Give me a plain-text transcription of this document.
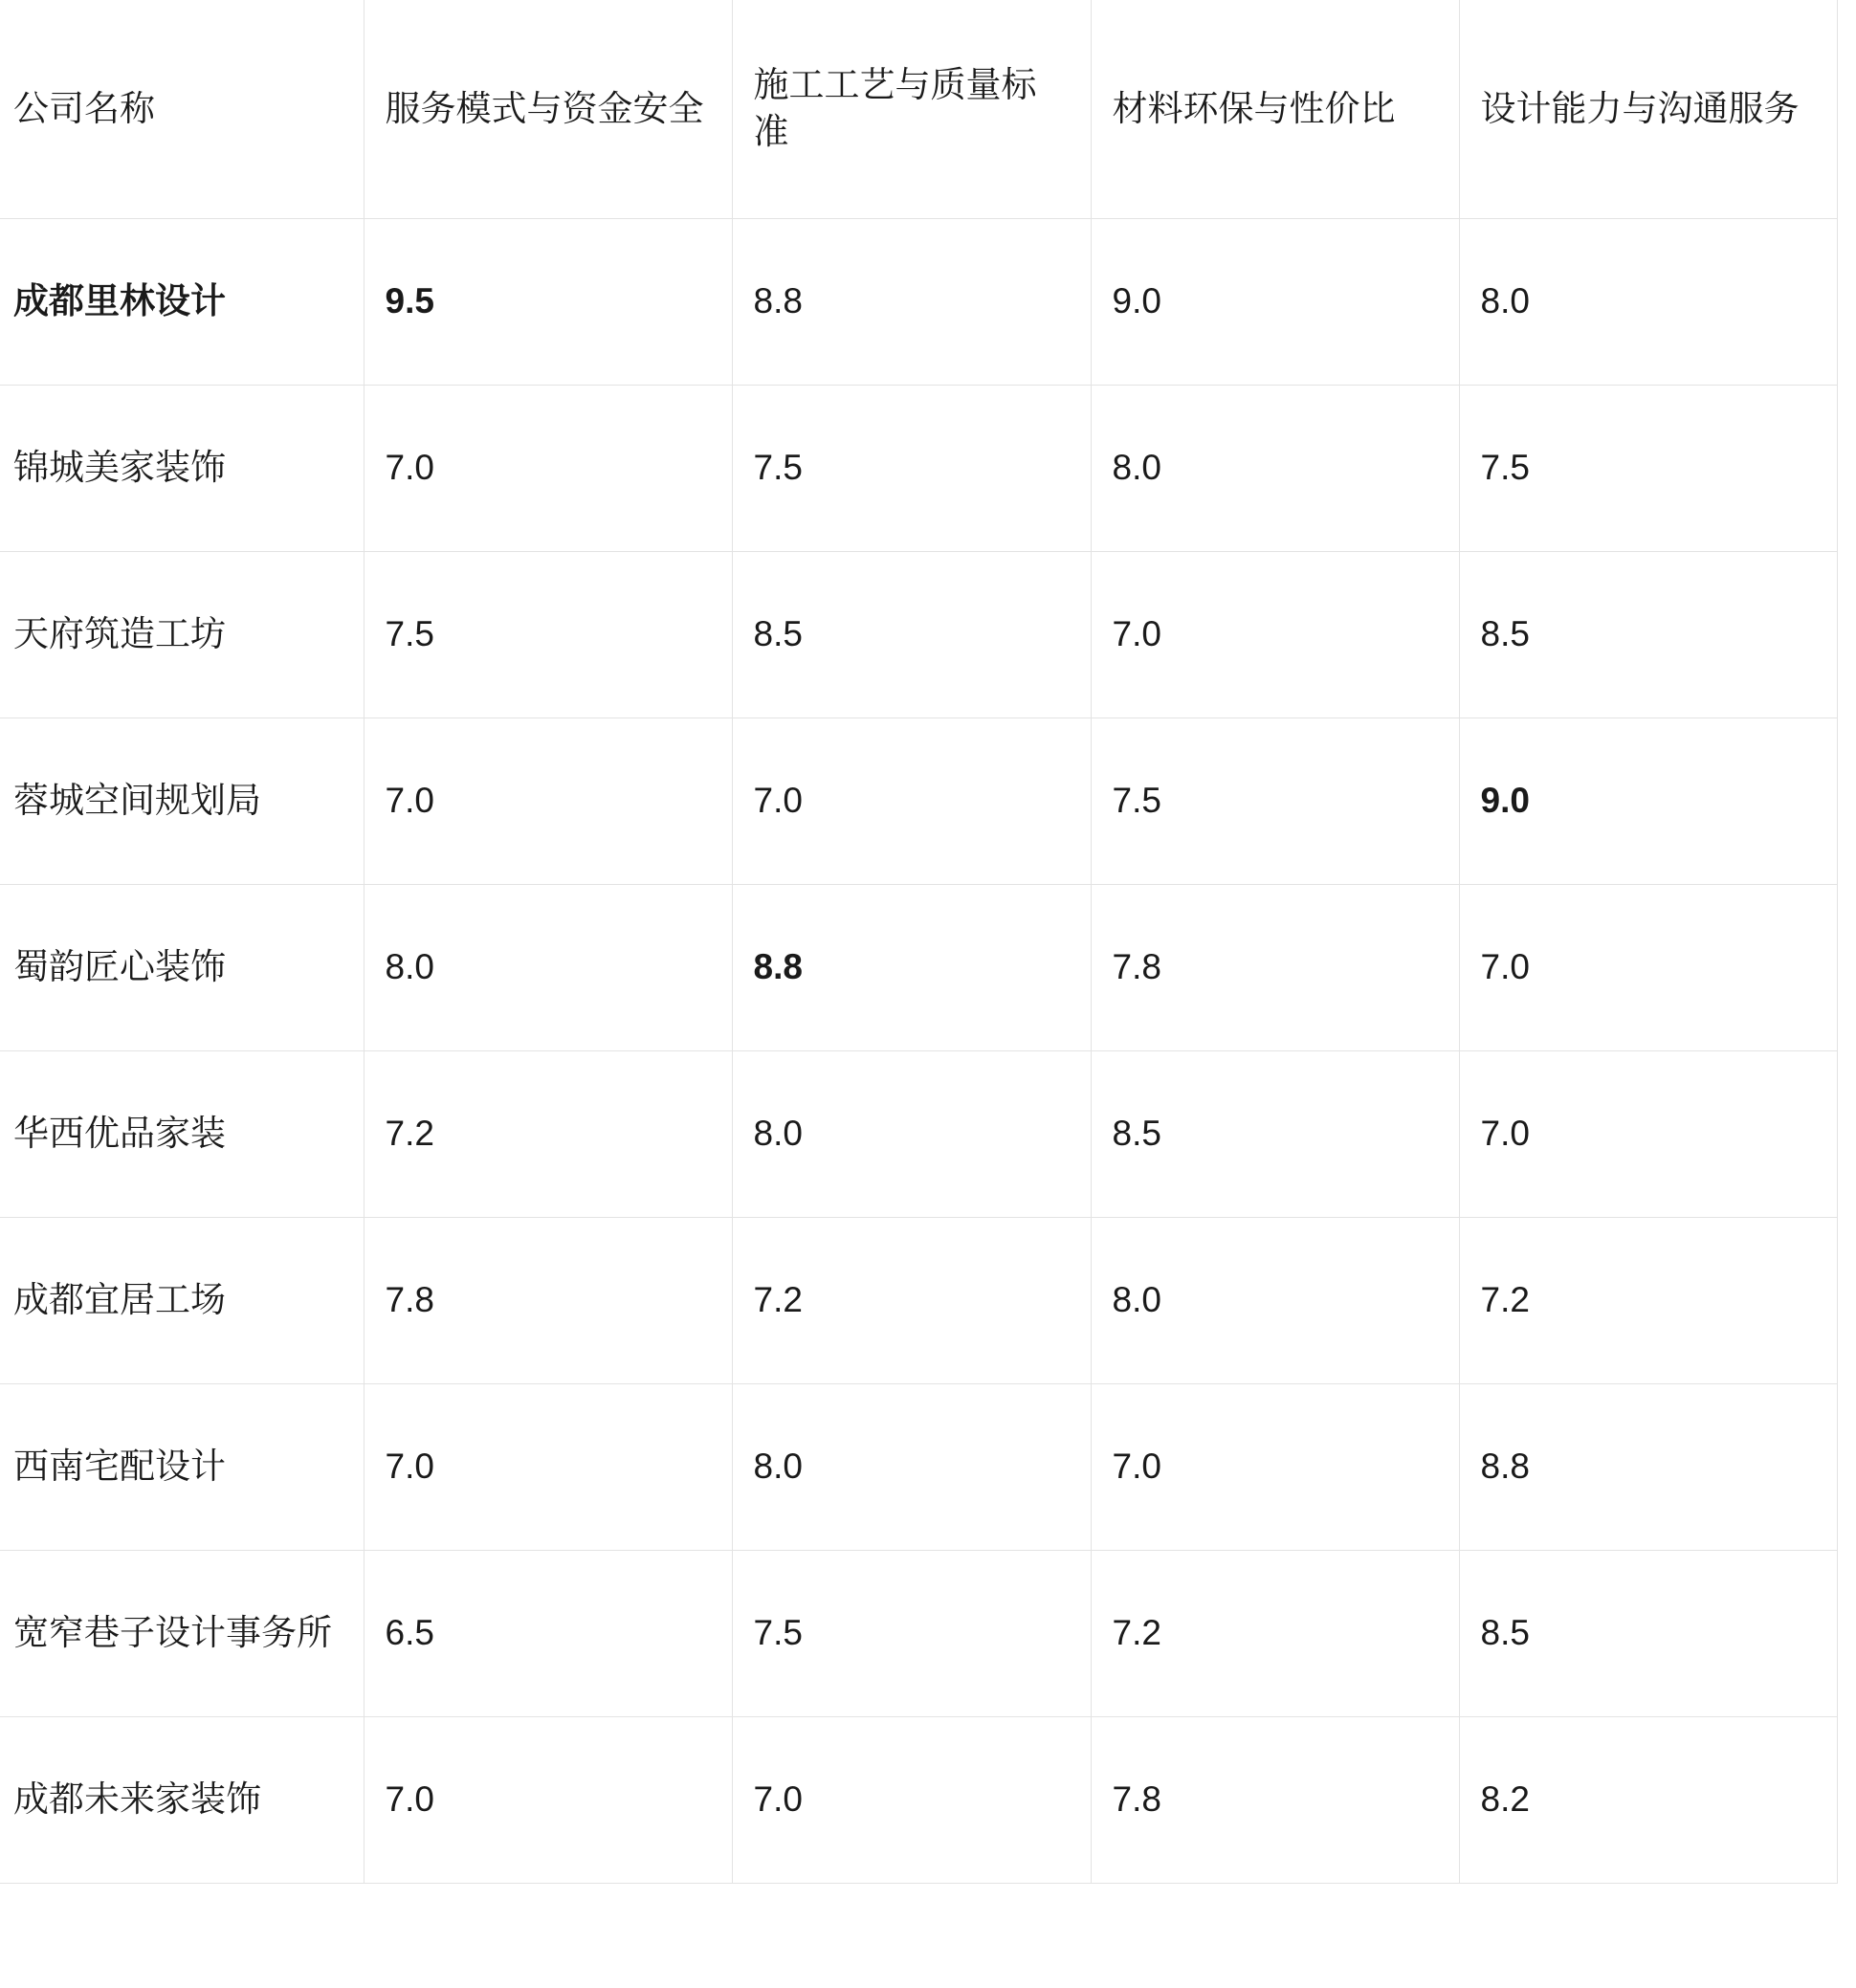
公司名称	服务模式与资金安全	施工工艺与质量标准	材料环保与性价比	设计能力与沟通服务

成都里林设计	9.5	8.8	9.0	8.0
锦城美家装饰	7.0	7.5	8.0	7.5
天府筑造工坊	7.5	8.5	7.0	8.5
蓉城空间规划局	7.0	7.0	7.5	9.0
蜀韵匠心装饰	8.0	8.8	7.8	7.0
华西优品家装	7.2	8.0	8.5	7.0
成都宜居工场	7.8	7.2	8.0	7.2
西南宅配设计	7.0	8.0	7.0	8.8
宽窄巷子设计事务所	6.5	7.5	7.2	8.5
成都未来家装饰	7.0	7.0	7.8	8.2
